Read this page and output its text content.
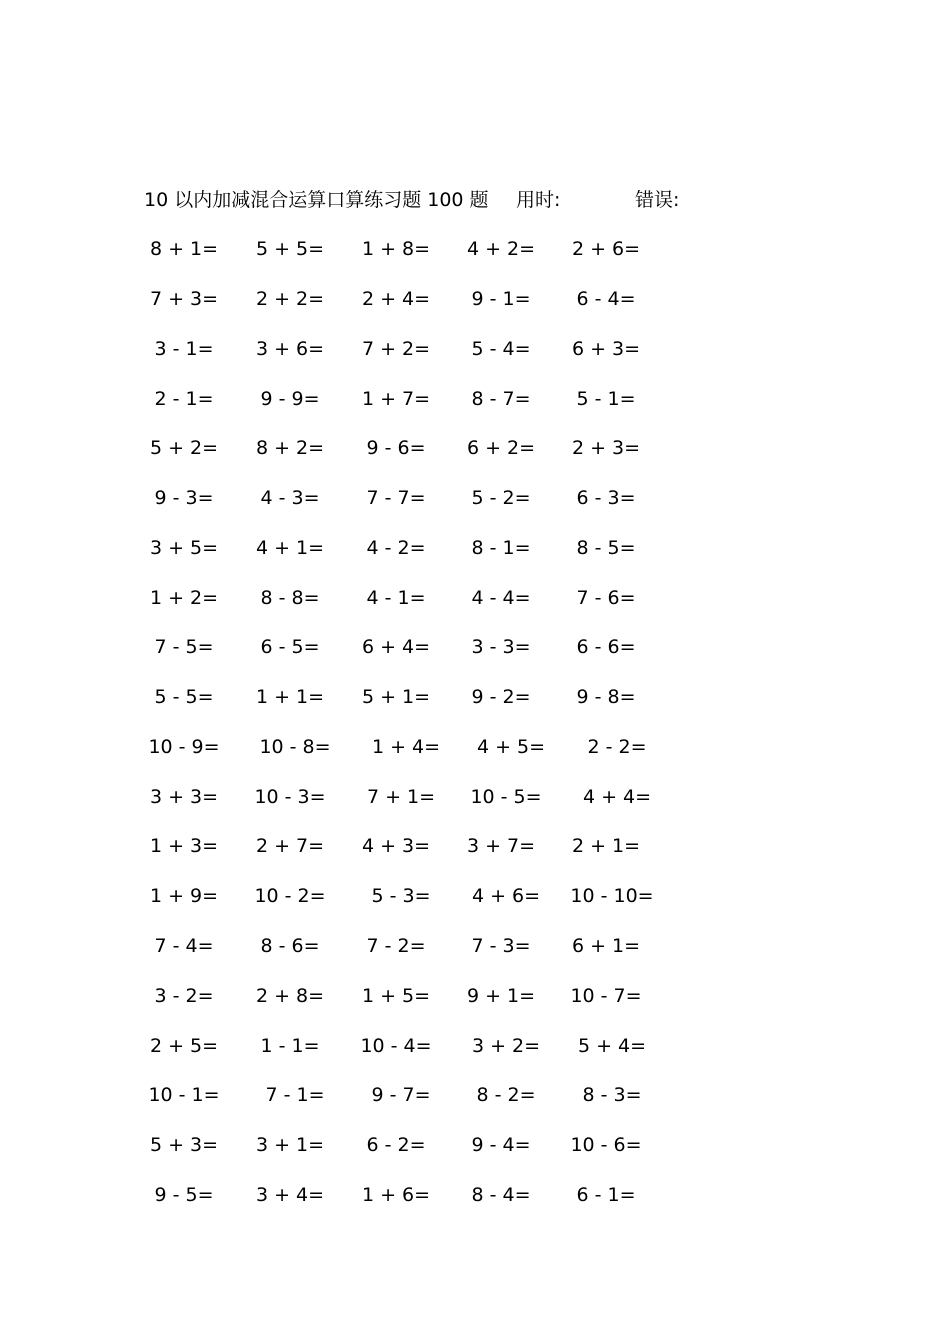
10 以内加减混合运算口算练习题 100 题 用时:	错误:
8 + 1=	5 + 5=	1 + 8=	4 + 2=	2 + 6=
7 + 3=	2 + 2=	2 + 4=	9 - 1=	6 - 4=
3 - 1=	3 + 6=	7 + 2=	5 - 4=	6 + 3=
2 - 1=	9 - 9=	1 + 7=	8 - 7=	5 - 1=
5 + 2=	8 + 2=	9 - 6=	6 + 2=	2 + 3=
9 - 3=	4 - 3=	7 - 7=	5 - 2=	6 - 3=
3 + 5=	4 + 1=	4 - 2=	8 - 1=	8 - 5=
1 + 2=	8 - 8=	4 - 1=	4 - 4=	7 - 6=
7 - 5=	6 - 5=	6 + 4=	3 - 3=	6 - 6=
5 - 5=	1 + 1=	5 + 1=	9 - 2=	9 - 8=
10 - 9=	10 - 8=	1 + 4=	4 + 5=	2 - 2=
3 + 3=	10 - 3=	7 + 1=	10 - 5=	4 + 4=
1 + 3=	2 + 7=	4 + 3=	3 + 7=	2 + 1=
1 + 9=	10 - 2=	5 - 3=	4 + 6=	10 - 10=
7 - 4=	8 - 6=	7 - 2=	7 - 3=	6 + 1=
3 - 2=	2 + 8=	1 + 5=	9 + 1=	10 - 7=
2 + 5=	1 - 1=	10 - 4=	3 + 2=	5 + 4=
10 - 1=	7 - 1=	9 - 7=	8 - 2=	8 - 3=
5 + 3=	3 + 1=	6 - 2=	9 - 4=	10 - 6=
9 - 5=	3 + 4=	1 + 6=	8 - 4=	6 - 1=
